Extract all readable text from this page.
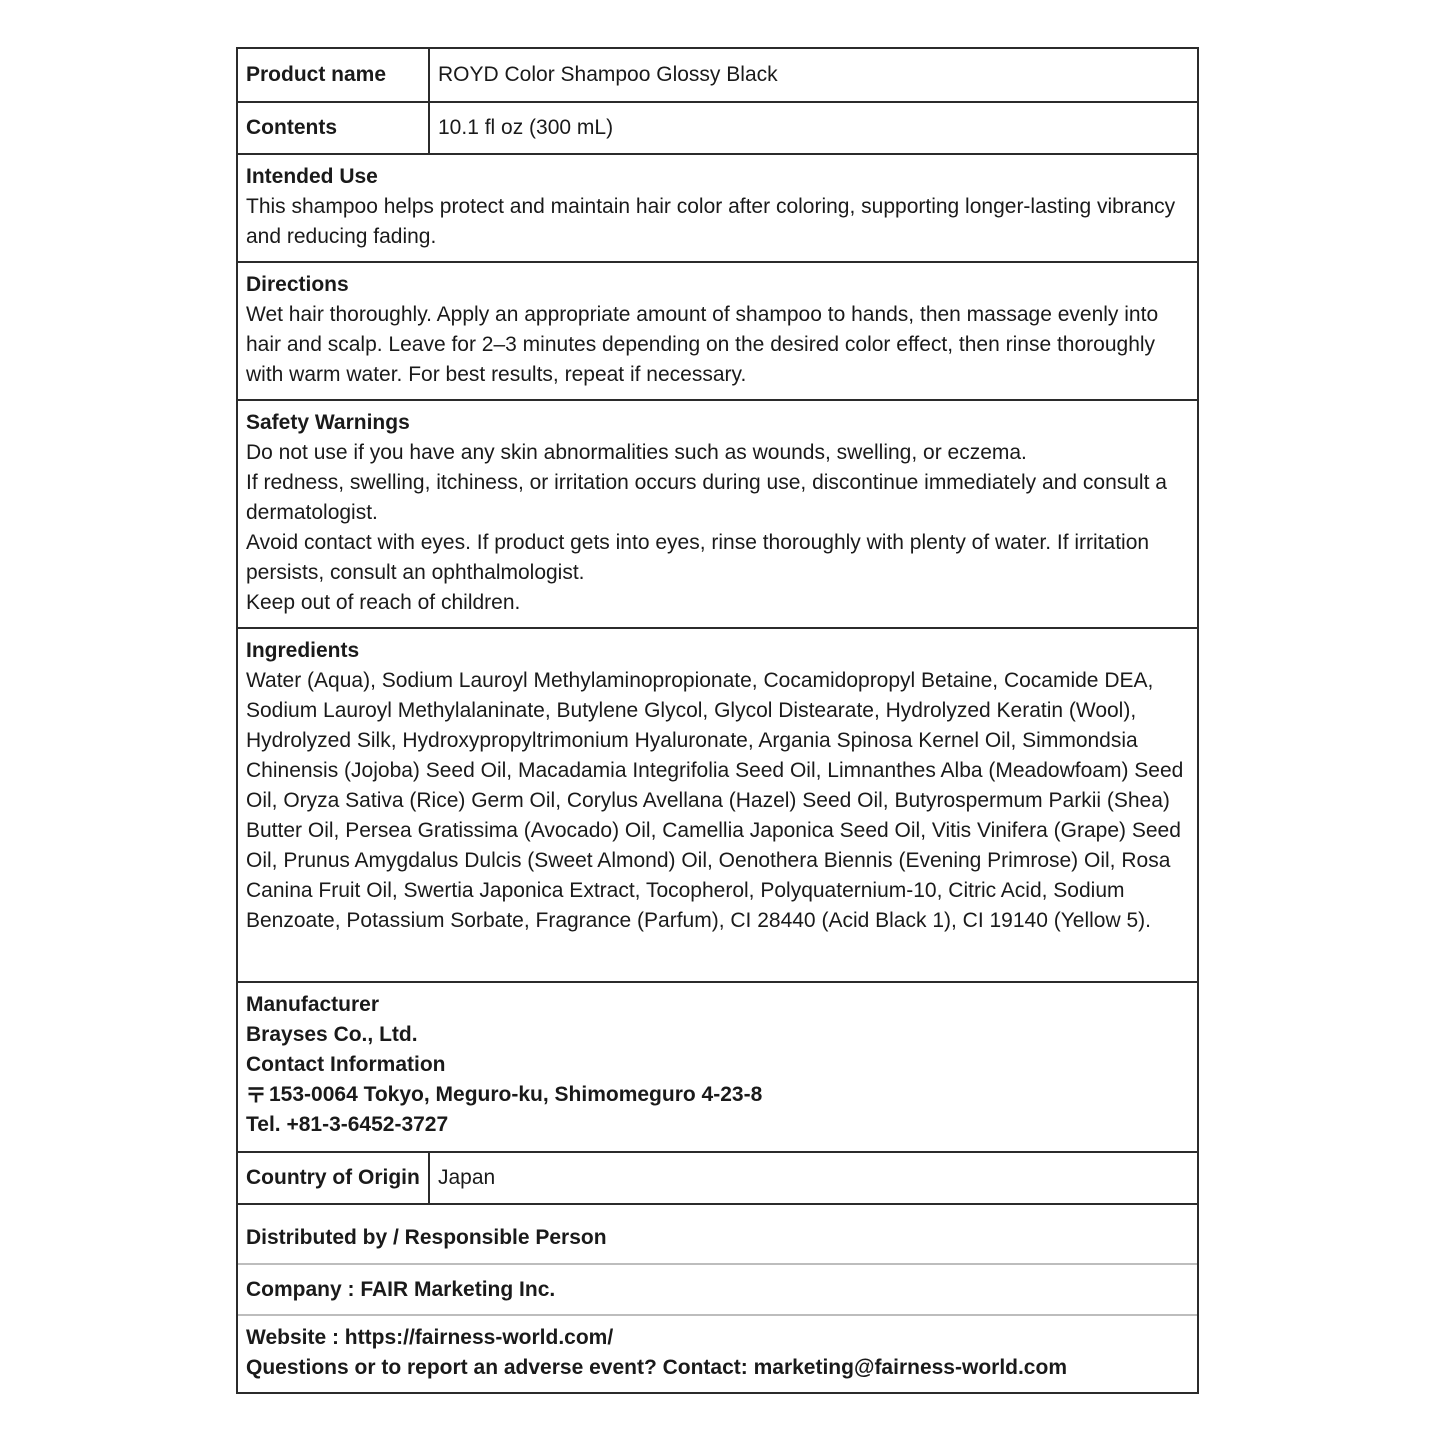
Product name	ROYD Color Shampoo Glossy Black
Contents	10.1 fl oz (300 mL)

Intended Use

This shampoo helps protect and maintain hair color after coloring, supporting longer-lasting vibrancy and reducing fading.

Directions

Wet hair thoroughly. Apply an appropriate amount of shampoo to hands, then massage evenly into hair and scalp. Leave for 2–3 minutes depending on the desired color effect, then rinse thoroughly with warm water. For best results, repeat if necessary.

Safety Warnings

Do not use if you have any skin abnormalities such as wounds, swelling, or eczema.

If redness, swelling, itchiness, or irritation occurs during use, discontinue immediately and consult a dermatologist.

Avoid contact with eyes. If product gets into eyes, rinse thoroughly with plenty of water. If irritation persists, consult an ophthalmologist.

Keep out of reach of children.

Ingredients

Water (Aqua), Sodium Lauroyl Methylaminopropionate, Cocamidopropyl Betaine, Cocamide DEA, Sodium Lauroyl Methylalaninate, Butylene Glycol, Glycol Distearate, Hydrolyzed Keratin (Wool), Hydrolyzed Silk, Hydroxypropyltrimonium Hyaluronate, Argania Spinosa Kernel Oil, Simmondsia Chinensis (Jojoba) Seed Oil, Macadamia Integrifolia Seed Oil, Limnanthes Alba (Meadowfoam) Seed Oil, Oryza Sativa (Rice) Germ Oil, Corylus Avellana (Hazel) Seed Oil, Butyrospermum Parkii (Shea) Butter Oil, Persea Gratissima (Avocado) Oil, Camellia Japonica Seed Oil, Vitis Vinifera (Grape) Seed Oil, Prunus Amygdalus Dulcis (Sweet Almond) Oil, Oenothera Biennis (Evening Primrose) Oil, Rosa Canina Fruit Oil, Swertia Japonica Extract, Tocopherol, Polyquaternium-10, Citric Acid, Sodium Benzoate, Potassium Sorbate, Fragrance (Parfum), CI 28440 (Acid Black 1), CI 19140 (Yellow 5).

Manufacturer

Brayses Co., Ltd.

Contact Information

153-0064 Tokyo, Meguro-ku, Shimomeguro 4-23-8

Tel. +81-3-6452-3727

Country of Origin Japan

Distributed by / Responsible Person

Company : FAIR Marketing Inc.

Website : https://fairness-world.com/

Questions or to report an adverse event? Contact: marketing@fairness-world.com
